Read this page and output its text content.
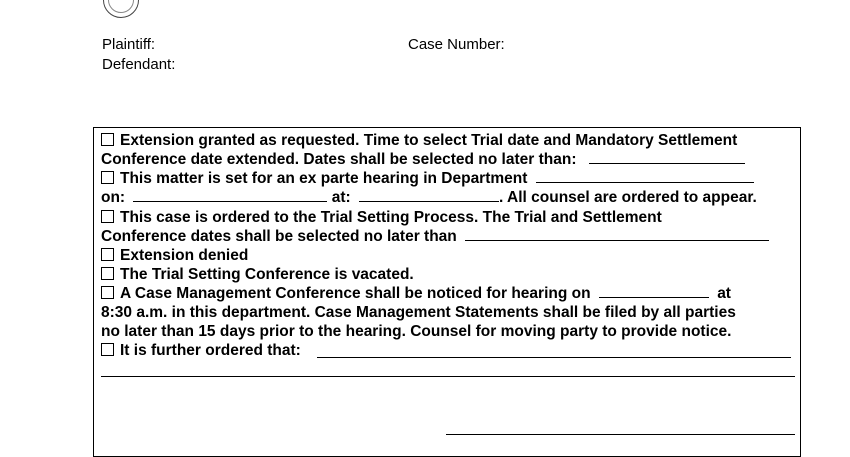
Plaintiff:
Defendant:
Case Number:
Extension granted as requested. Time to select Trial date and Mandatory Settlement
Conference date extended. Dates shall be selected no later than:
This matter is set for an ex parte hearing in Department
on:	at:	. All counsel are ordered to appear.
This case is ordered to the Trial Setting Process. The Trial and Settlement
Conference dates shall be selected no later than
Extension denied
The Trial Setting Conference is vacated.
A Case Management Conference shall be noticed for hearing on	at
8:30 a.m. in this department. Case Management Statements shall be filed by all parties
no later than 15 days prior to the hearing. Counsel for moving party to provide notice.
It is further ordered that:
